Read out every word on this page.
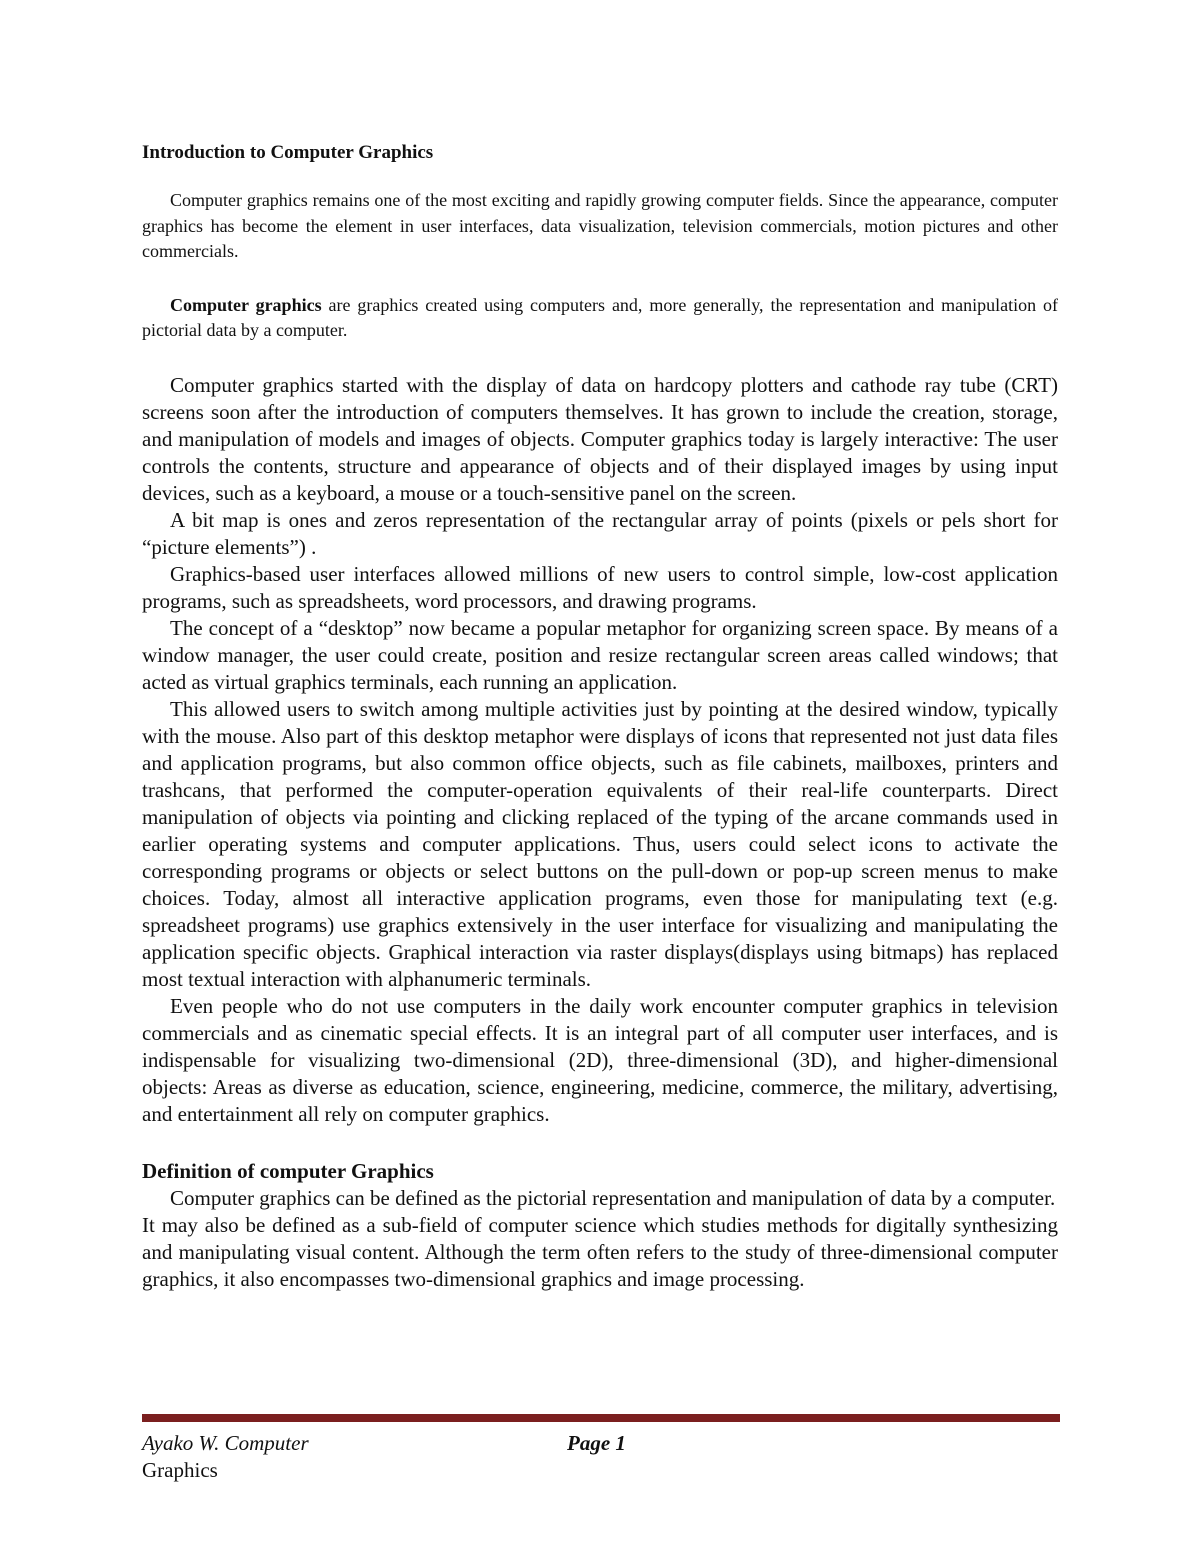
Introduction to Computer Graphics

Computer graphics remains one of the most exciting and rapidly growing computer fields. Since the appearance, computer graphics has become the element in user interfaces, data visualization, television commercials, motion pictures and other commercials.

Computer graphics are graphics created using computers and, more generally, the representation and manipulation of pictorial data by a computer.

Computer graphics started with the display of data on hardcopy plotters and cathode ray tube (CRT) screens soon after the introduction of computers themselves. It has grown to include the creation, storage, and manipulation of models and images of objects. Computer graphics today is largely interactive: The user controls the contents, structure and appearance of objects and of their displayed images by using input devices, such as a keyboard, a mouse or a touch-sensitive panel on the screen.

A bit map is ones and zeros representation of the rectangular array of points (pixels or pels short for “picture elements”) .

Graphics-based user interfaces allowed millions of new users to control simple, low-cost application programs, such as spreadsheets, word processors, and drawing programs.

The concept of a “desktop” now became a popular metaphor for organizing screen space. By means of a window manager, the user could create, position and resize rectangular screen areas called windows; that acted as virtual graphics terminals, each running an application.

This allowed users to switch among multiple activities just by pointing at the desired window, typically with the mouse. Also part of this desktop metaphor were displays of icons that represented not just data files and application programs, but also common office objects, such as file cabinets, mailboxes, printers and trashcans, that performed the computer-operation equivalents of their real-life counterparts. Direct manipulation of objects via pointing and clicking replaced of the typing of the arcane commands used in earlier operating systems and computer applications. Thus, users could select icons to activate the corresponding programs or objects or select buttons on the pull-down or pop-up screen menus to make choices. Today, almost all interactive application programs, even those for manipulating text (e.g. spreadsheet programs) use graphics extensively in the user interface for visualizing and manipulating the application specific objects. Graphical interaction via raster displays(displays using bitmaps) has replaced most textual interaction with alphanumeric terminals.

Even people who do not use computers in the daily work encounter computer graphics in television commercials and as cinematic special effects. It is an integral part of all computer user interfaces, and is indispensable for visualizing two-dimensional (2D), three-dimensional (3D), and higher-dimensional objects: Areas as diverse as education, science, engineering, medicine, commerce, the military, advertising, and entertainment all rely on computer graphics.

Definition of computer Graphics

Computer graphics can be defined as the pictorial representation and manipulation of data by a computer.

It may also be defined as a sub-field of computer science which studies methods for digitally synthesizing and manipulating visual content. Although the term often refers to the study of three-dimensional computer graphics, it also encompasses two-dimensional graphics and image processing.

Ayako W. Computer
Graphics
Page 1
